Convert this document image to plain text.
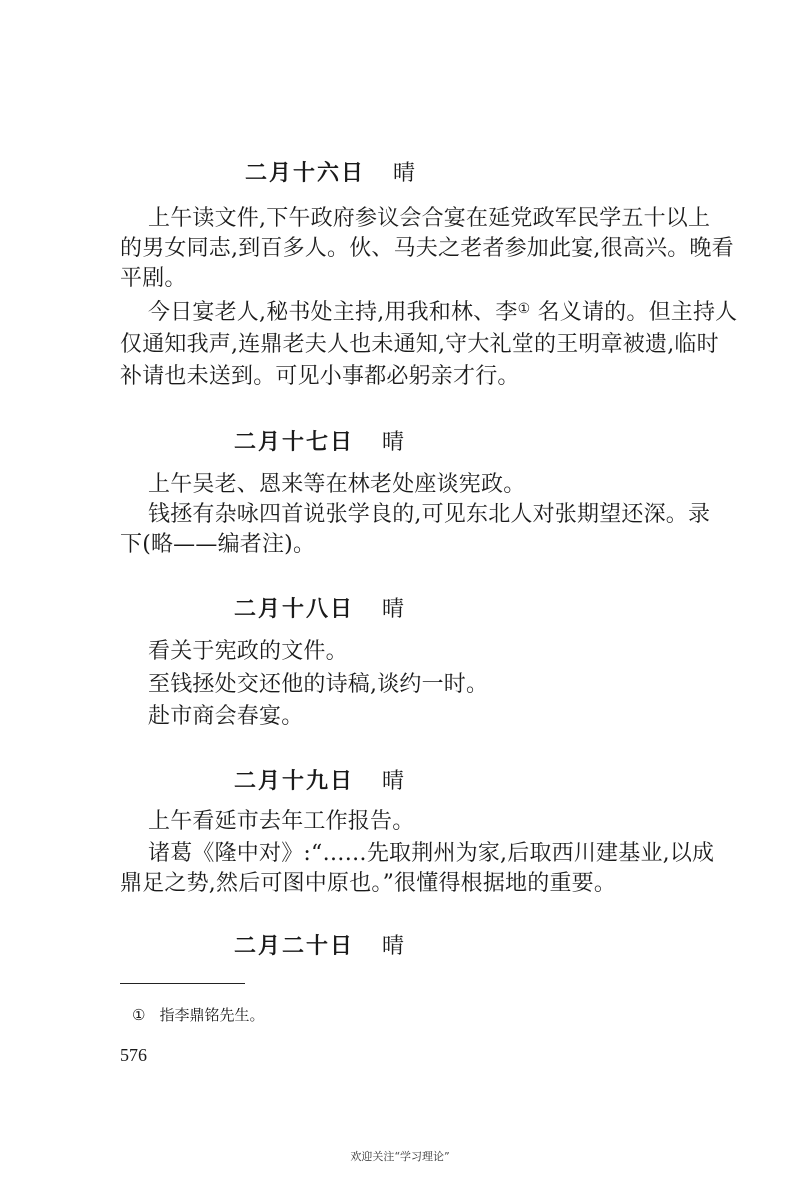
二月十六日 晴
上午读文件,下午政府参议会合宴在延党政军民学五十以上
的男女同志,到百多人。伙、马夫之老者参加此宴,很高兴。晚看
平剧。
今日宴老人,秘书处主持,用我和林、李① 名义请的。但主持人
仅通知我声,连鼎老夫人也未通知,守大礼堂的王明章被遗,临时
补请也未送到。可见小事都必躬亲才行。
二月十七日 晴
上午吴老、恩来等在林老处座谈宪政。
钱拯有杂咏四首说张学良的,可见东北人对张期望还深。录
下(略——编者注)。
二月十八日 晴
看关于宪政的文件。
至钱拯处交还他的诗稿,谈约一时。
赴市商会春宴。
二月十九日 晴
上午看延市去年工作报告。
诸葛《隆中对》:“……先取荆州为家,后取西川建基业,以成
鼎足之势,然后可图中原也。”很懂得根据地的重要。
二月二十日 晴
① 指李鼎铭先生。
576
欢迎关注“学习理论”
